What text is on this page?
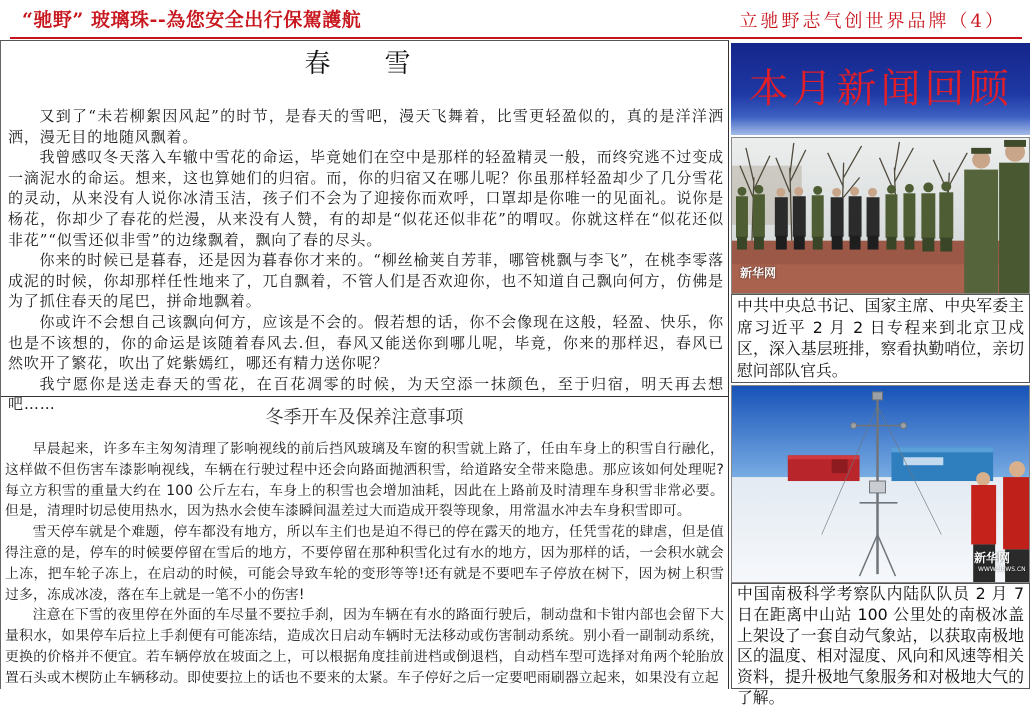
“驰野” 玻璃珠--為您安全出行保駕護航	立驰野志气创世界品牌（4）
春　雪

又到了“未若柳絮因风起”的时节，是春天的雪吧，漫天飞舞着，比雪更轻盈似的，真的是洋洋洒洒，漫无目的地随风飘着。

我曾感叹冬天落入车辙中雪花的命运，毕竟她们在空中是那样的轻盈精灵一般，而终究逃不过变成一滴泥水的命运。想来，这也算她们的归宿。而，你的归宿又在哪儿呢？你虽那样轻盈却少了几分雪花的灵动，从来没有人说你冰清玉洁，孩子们不会为了迎接你而欢呼，口罩却是你唯一的见面礼。说你是杨花，你却少了春花的烂漫，从来没有人赞，有的却是“似花还似非花”的喟叹。你就这样在“似花还似非花”“似雪还似非雪”的边缘飘着，飘向了春的尽头。

你来的时候已是暮春，还是因为暮春你才来的。“柳丝榆荚自芳菲，哪管桃飘与李飞”，在桃李零落成泥的时候，你却那样任性地来了，兀自飘着，不管人们是否欢迎你，也不知道自己飘向何方，仿佛是为了抓住春天的尾巴，拼命地飘着。

你或许不会想自己该飘向何方，应该是不会的。假若想的话，你不会像现在这般，轻盈、快乐，你也是不该想的，你的命运是该随着春风去.但，春风又能送你到哪儿呢，毕竟，你来的那样迟，春风已然吹开了繁花，吹出了姹紫嫣红，哪还有精力送你呢？

我宁愿你是送走春天的雪花，在百花凋零的时候，为天空添一抹颜色，至于归宿，明天再去想吧……

冬季开车及保养注意事项

早晨起来，许多车主匆匆清理了影响视线的前后挡风玻璃及车窗的积雪就上路了，任由车身上的积雪自行融化，这样做不但伤害车漆影响视线，车辆在行驶过程中还会向路面抛洒积雪，给道路安全带来隐患。那应该如何处理呢?每立方积雪的重量大约在 100 公斤左右，车身上的积雪也会增加油耗，因此在上路前及时清理车身积雪非常必要。但是，清理时切忌使用热水，因为热水会使车漆瞬间温差过大而造成开裂等现象，用常温水冲去车身积雪即可。

雪天停车就是个难题，停车都没有地方，所以车主们也是迫不得已的停在露天的地方，任凭雪花的肆虐，但是值得注意的是，停车的时候要停留在雪后的地方，不要停留在那种积雪化过有水的地方，因为那样的话，一会积水就会上冻，把车轮子冻上，在启动的时候，可能会导致车轮的变形等等!还有就是不要吧车子停放在树下，因为树上积雪过多，冻成冰凌，落在车上就是一笔不小的伤害!

注意在下雪的夜里停在外面的车尽量不要拉手刹，因为车辆在有水的路面行驶后，制动盘和卡钳内部也会留下大量积水，如果停车后拉上手刹便有可能冻结，造成次日启动车辆时无法移动或伤害制动系统。别小看一副制动系统，更换的价格并不便宜。若车辆停放在坡面之上，可以根据角度挂前进档或倒退档，自动档车型可选择对角两个轮胎放置石头或木楔防止车辆移动。即使要拉上的话也不要来的太紧。车子停好之后一定要吧雨刷器立起来，如果没有立起

本月新闻回顾
新华网
中共中央总书记、国家主席、中央军委主席习近平 2 月 2 日专程来到北京卫戍区，深入基层班排，察看执勤哨位，亲切慰问部队官兵。
新华网
WWW.NEWS.CN
中国南极科学考察队内陆队队员 2 月 7 日在距离中山站 100 公里处的南极冰盖上架设了一套自动气象站，以获取南极地区的温度、相对湿度、风向和风速等相关资料，提升极地气象服务和对极地大气的了解。
